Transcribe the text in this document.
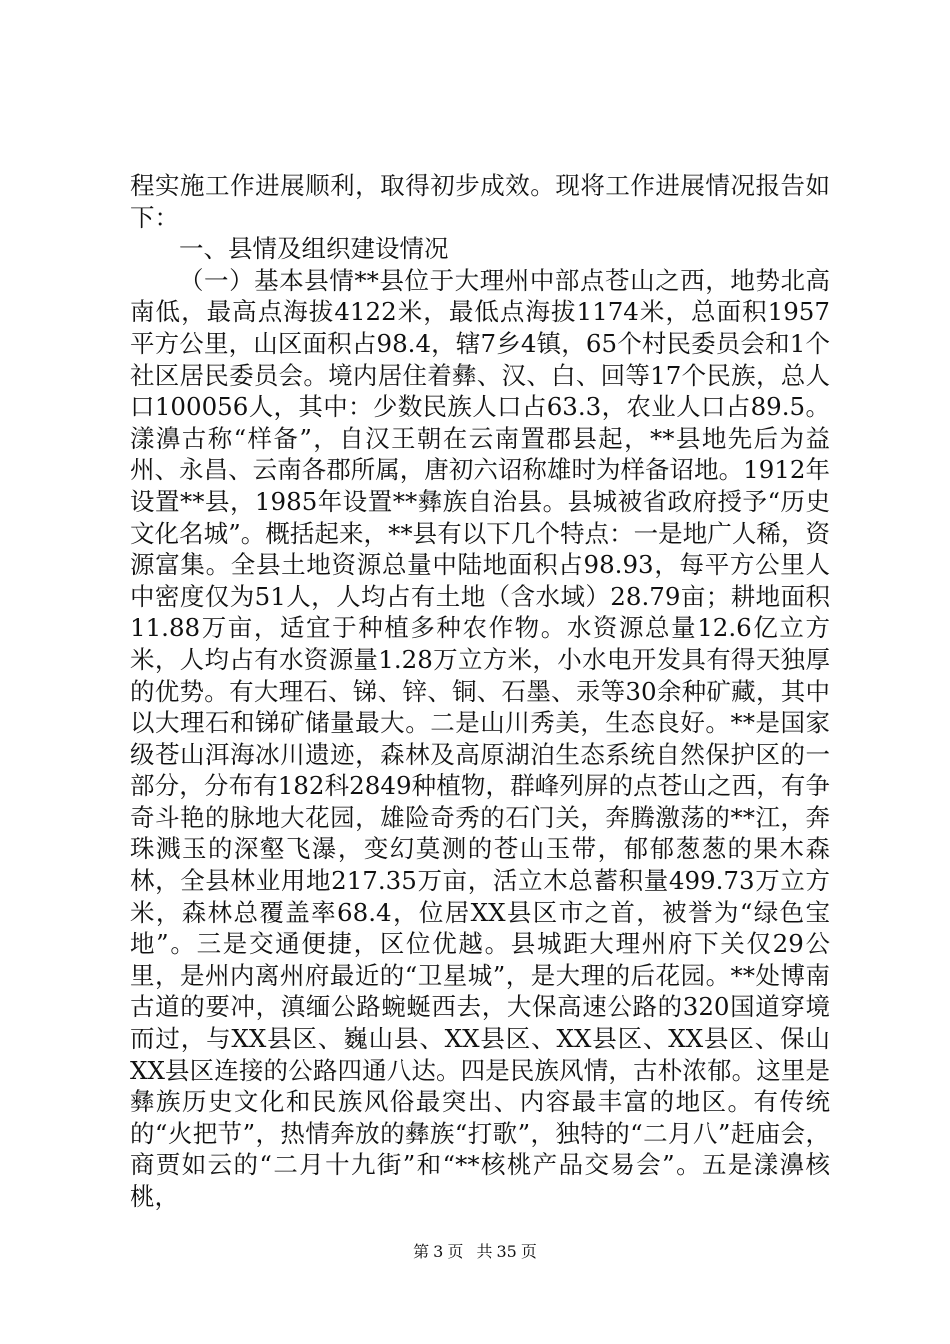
程实施工作进展顺利，取得初步成效。现将工作进展情况报告如下：

一、县情及组织建设情况

（一）基本县情**县位于大理州中部点苍山之西，地势北高南低，最高点海拔4122米，最低点海拔1174米，总面积1957平方公里，山区面积占98.4，辖7乡4镇，65个村民委员会和1个社区居民委员会。境内居住着彝、汉、白、回等17个民族，总人口100056人，其中：少数民族人口占63.3，农业人口占89.5。漾濞古称“样备”，自汉王朝在云南置郡县起，**县地先后为益州、永昌、云南各郡所属，唐初六诏称雄时为样备诏地。1912年设置**县，1985年设置**彝族自治县。县城被省政府授予“历史文化名城”。概括起来，**县有以下几个特点：一是地广人稀，资源富集。全县土地资源总量中陆地面积占98.93，每平方公里人中密度仅为51人，人均占有土地（含水域）28.79亩；耕地面积11.88万亩，适宜于种植多种农作物。水资源总量12.6亿立方米，人均占有水资源量1.28万立方米，小水电开发具有得天独厚的优势。有大理石、锑、锌、铜、石墨、汞等30余种矿藏，其中以大理石和锑矿储量最大。二是山川秀美，生态良好。**是国家级苍山洱海冰川遗迹，森林及高原湖泊生态系统自然保护区的一部分，分布有182科2849种植物，群峰列屏的点苍山之西，有争奇斗艳的脉地大花园，雄险奇秀的石门关，奔腾激荡的**江，奔珠溅玉的深壑飞瀑，变幻莫测的苍山玉带，郁郁葱葱的果木森林，全县林业用地217.35万亩，活立木总蓄积量499.73万立方米，森林总覆盖率68.4，位居XX县区市之首，被誉为“绿色宝地”。三是交通便捷，区位优越。县城距大理州府下关仅29公里，是州内离州府最近的“卫星城”，是大理的后花园。**处博南古道的要冲，滇缅公路蜿蜒西去，大保高速公路的320国道穿境而过，与XX县区、巍山县、XX县区、XX县区、XX县区、保山XX县区连接的公路四通八达。四是民族风情，古朴浓郁。这里是彝族历史文化和民族风俗最突出、内容最丰富的地区。有传统的“火把节”，热情奔放的彝族“打歌”，独特的“二月八”赶庙会，商贾如云的“二月十九街”和“**核桃产品交易会”。五是漾濞核桃，

第 3 页 共 35 页
